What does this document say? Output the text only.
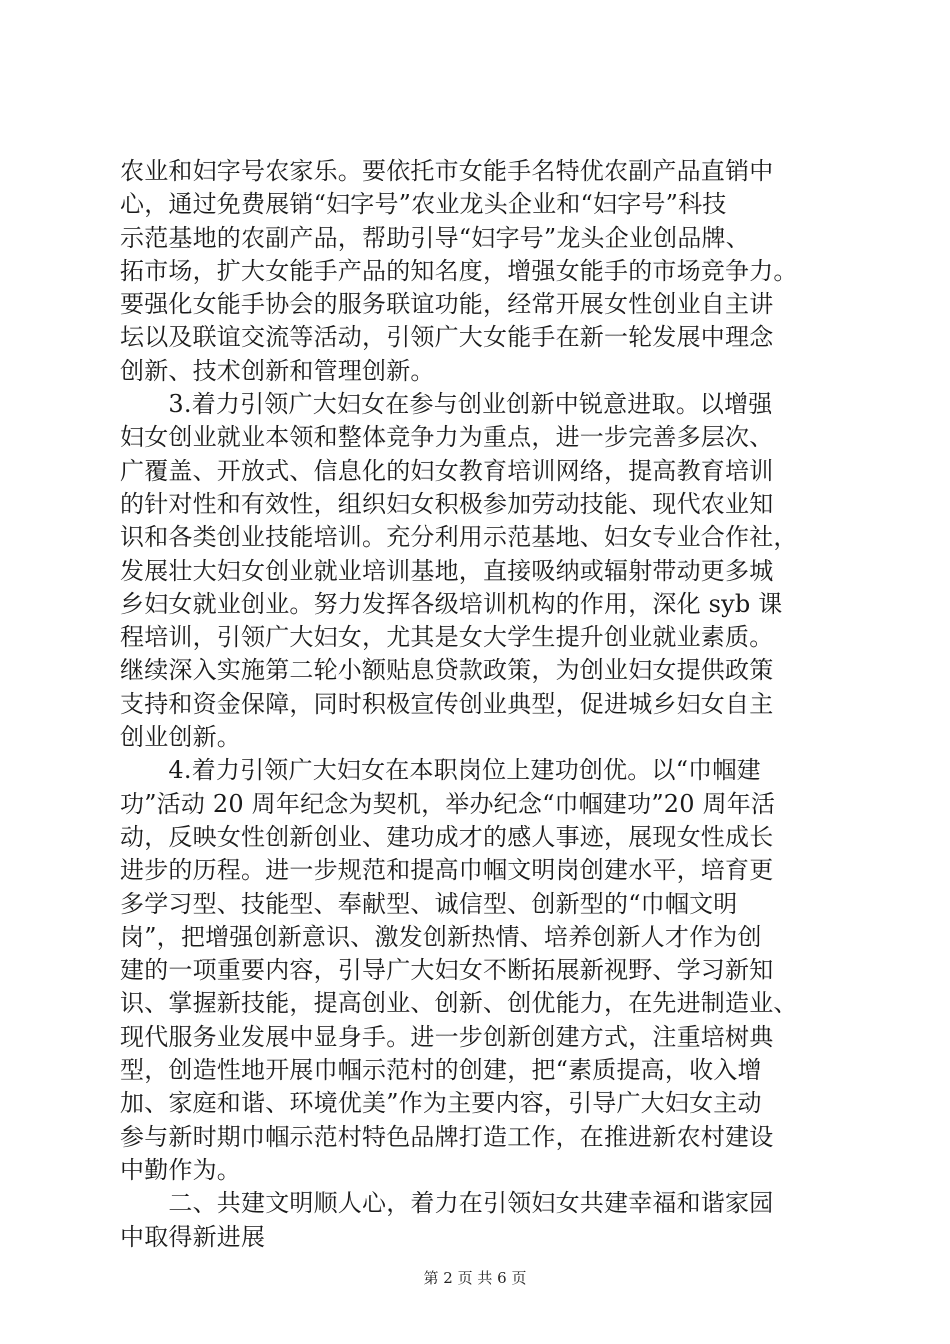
农业和妇字号农家乐。要依托市女能手名特优农副产品直销中
心，通过免费展销“妇字号”农业龙头企业和“妇字号”科技
示范基地的农副产品，帮助引导“妇字号”龙头企业创品牌、
拓市场，扩大女能手产品的知名度，增强女能手的市场竞争力。
要强化女能手协会的服务联谊功能，经常开展女性创业自主讲
坛以及联谊交流等活动，引领广大女能手在新一轮发展中理念
创新、技术创新和管理创新。
　　3.着力引领广大妇女在参与创业创新中锐意进取。以增强
妇女创业就业本领和整体竞争力为重点，进一步完善多层次、
广覆盖、开放式、信息化的妇女教育培训网络，提高教育培训
的针对性和有效性，组织妇女积极参加劳动技能、现代农业知
识和各类创业技能培训。充分利用示范基地、妇女专业合作社，
发展壮大妇女创业就业培训基地，直接吸纳或辐射带动更多城
乡妇女就业创业。努力发挥各级培训机构的作用，深化 syb 课
程培训，引领广大妇女，尤其是女大学生提升创业就业素质。
继续深入实施第二轮小额贴息贷款政策，为创业妇女提供政策
支持和资金保障，同时积极宣传创业典型，促进城乡妇女自主
创业创新。
　　4.着力引领广大妇女在本职岗位上建功创优。以“巾帼建
功”活动 20 周年纪念为契机，举办纪念“巾帼建功”20 周年活
动，反映女性创新创业、建功成才的感人事迹，展现女性成长
进步的历程。进一步规范和提高巾帼文明岗创建水平，培育更
多学习型、技能型、奉献型、诚信型、创新型的“巾帼文明
岗”，把增强创新意识、激发创新热情、培养创新人才作为创
建的一项重要内容，引导广大妇女不断拓展新视野、学习新知
识、掌握新技能，提高创业、创新、创优能力，在先进制造业、
现代服务业发展中显身手。进一步创新创建方式，注重培树典
型，创造性地开展巾帼示范村的创建，把“素质提高，收入增
加、家庭和谐、环境优美”作为主要内容，引导广大妇女主动
参与新时期巾帼示范村特色品牌打造工作，在推进新农村建设
中勤作为。
　　二、共建文明顺人心，着力在引领妇女共建幸福和谐家园
中取得新进展
第 2 页 共 6 页
